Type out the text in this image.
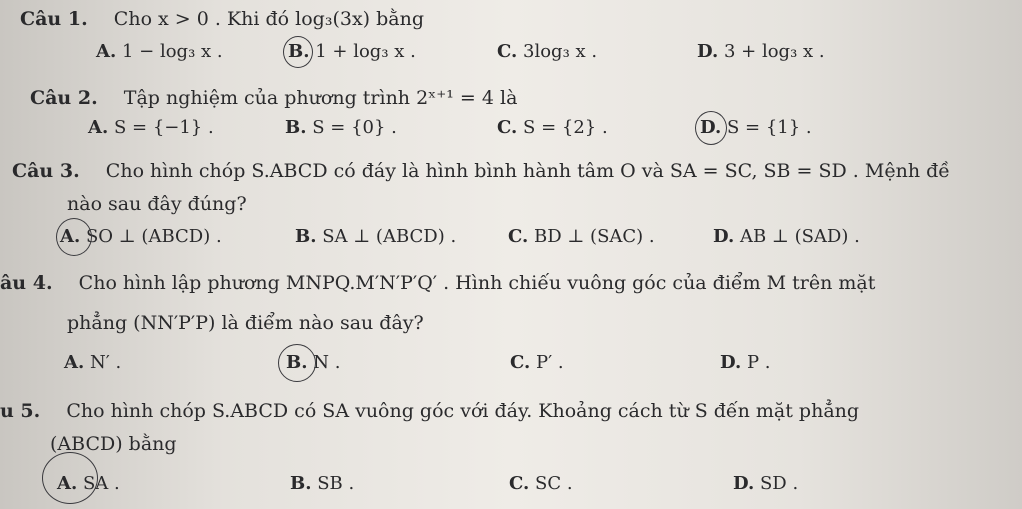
Câu 1. Cho x > 0 . Khi đó log₃(3x) bằng
A. 1 − log₃ x .	B. 1 + log₃ x .	C. 3log₃ x .	D. 3 + log₃ x .
Câu 2. Tập nghiệm của phương trình 2ˣ⁺¹ = 4 là
A. S = {−1} .	B. S = {0} .	C. S = {2} .	D. S = {1} .
Câu 3. Cho hình chóp S.ABCD có đáy là hình bình hành tâm O và SA = SC, SB = SD . Mệnh đề
nào sau đây đúng?
A. SO ⊥ (ABCD) .	B. SA ⊥ (ABCD) .	C. BD ⊥ (SAC) .	D. AB ⊥ (SAD) .
âu 4. Cho hình lập phương MNPQ.M′N′P′Q′ . Hình chiếu vuông góc của điểm M trên mặt
phẳng (NN′P′P) là điểm nào sau đây?
A. N′ .	B. N .	C. P′ .	D. P .
u 5. Cho hình chóp S.ABCD có SA vuông góc với đáy. Khoảng cách từ S đến mặt phẳng
(ABCD) bằng
A. SA .	B. SB .	C. SC .	D. SD .
